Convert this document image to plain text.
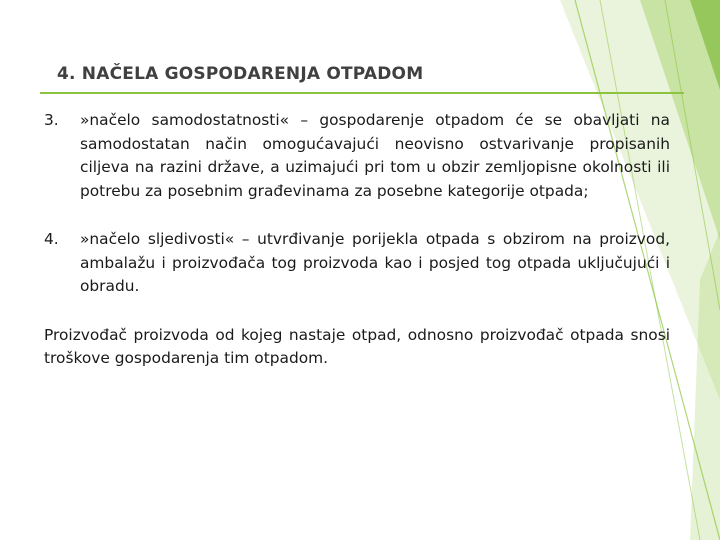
4. NAČELA GOSPODARENJA OTPADOM
3.	»načelo samodostatnosti« – gospodarenje otpadom će se obavljati na samodostatan način omogućavajući neovisno ostvarivanje propisanih ciljeva na razini države, a uzimajući pri tom u obzir zemljopisne okolnosti ili potrebu za posebnim građevinama za posebne kategorije otpada;
4.	»načelo sljedivosti« – utvrđivanje porijekla otpada s obzirom na proizvod, ambalažu i proizvođača tog proizvoda kao i posjed tog otpada uključujući i obradu.

Proizvođač proizvoda od kojeg nastaje otpad, odnosno proizvođač otpada snosi troškove gospodarenja tim otpadom.
